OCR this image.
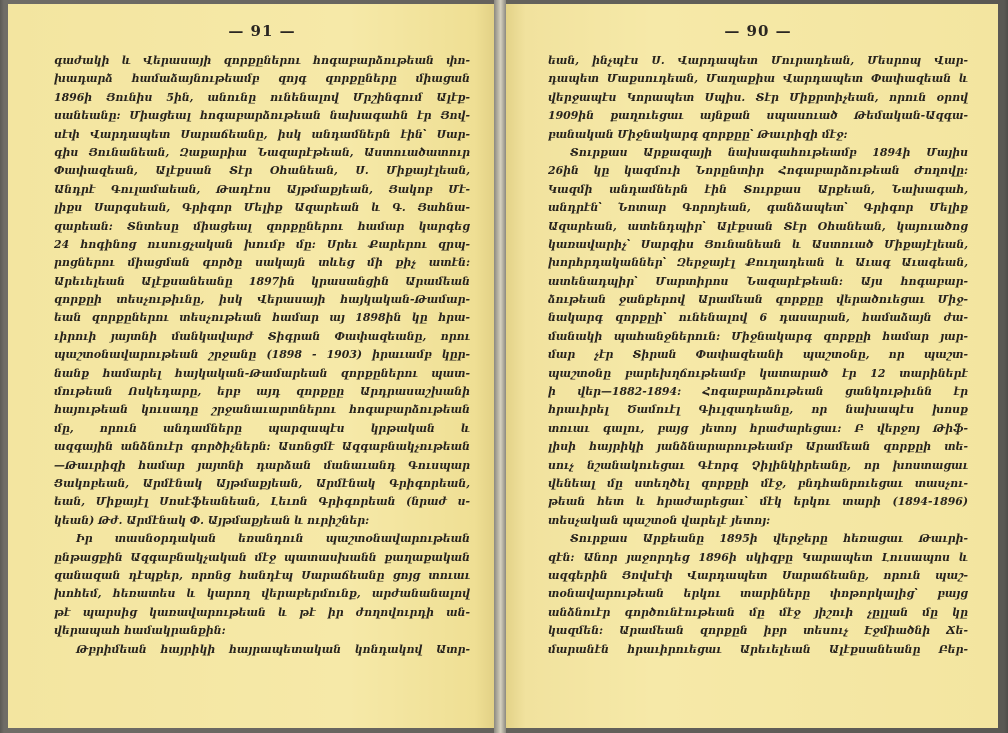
— 91 —
գաժակի և Վերասայի զորքըներու հոգաբարձութեան փո-
խադարձ համաձայնութեամբ զոյգ զորքըները միացան
1896ի Յունիս 5ին, անունը ունենալով Մրշինգում Ալէք-
սանեանը: Միացեալ հոգաբարձութեան նախագահն էր Յով-
սէփ Վարդապետ Սարաճեանը, իսկ անդամներն էին՝ Սար-
գիս Յունանեան, Զաքարիա Նազարէթեան, Աստուածատուր
Փափազեան, Ալէքսան Տէր Օհանեան, Ս. Միքայէլեան,
Անդրէ Գուլամաեան, Թադէոս Այթմաքյեան, Յակոբ Մէ-
լիքս Սարգսեան, Գրիգոր Մելիք Ազարեան և Գ. Յահնա-
զարեան: Տնտեսը միացեալ զորքըներու համար կարգեց
24 հոգինոց ուսուցչական խումբ մը: Սրեւ Քարերու զրպ-
րոցներու միացման գործը սակայն տևեց մի քիչ ատէն:
Արեւելեան Ալէքսանեանը 1897ին կրասանցին Արամեան
զորքըի տեսչութիւնը, իսկ Վերասայի հայկական-Թամար-
եան զորքըներու տեսչութեան համար այ 1898ին կը հրա-
ւիրուի յայտնի մանկավարժ Տիգրան Փափազեանը, որու
պաշտօնավարութեան շրջանը (1898 - 1903) իրաւամբ կըր-
նանք համարել հայկական-Թամարեան զորքըներու պատ-
մութեան Ոսկեդարը, երբ այդ զորքըը Արդրասաշխանի
հայութեան կուսադը շրջանաւարտներու հոգաբարձութեան
մը, որուն անդամները պարզապէս կրթական և
ազգային անձնուէր գործիչներն: Ասոնցմէ Ազգաբնակչութեան
—Թաւրիզի համար յայտնի դարձան մանաւանդ Գուսպար
Ցակոբեան, Արմէնակ Այթմաքյեան, Արմէնակ Գրիգորեան,
եան, Միքայէլ Սոսէֆեանեան, Լեւոն Գրիգորեան (նրաժ ս-
կեան) Թժ. Արմէնակ Փ. Այթմաքյեան և ուրիշներ:
Իր տասնօրդական եռանդուն պաշտօնավարութեան
ընթացքին Ազգաբնակչական մէջ պատասխանն քաղաքական
զանազան դէպքեր, որոնց հանդէպ Սարաճեանը ցոյց տուաւ
խոհեմ, հեռատես և կարող վերաբերմունք, արժանանալով
թէ պարսից կառավարութեան և թէ իր ժողովուրդի ան-
վերապահ համակրանքին:
Թբրիմեան հայրիկի հայրապետական կոնդակով Ատր-
— 90 —
եան, ինչպէս Ս. Վարդապետ Մուրադեան, Մեսրոպ Վար-
դապետ Մաքսուդեան, Մաղաքիա Վարդապետ Փափազեան և
վերջապէս Կորապետ Սպիս. Տէր Միքրտիչեան, որուն օրով
1909ին քաղուեցաւ այնքան սպասուած Թեմական-Ազգա-
բանական Միջնակարգ զորքըը՝ Թաւրիզի մէջ:
Տուրքաս Արքազայի նախագահութեամբ 1894ի Մայիս
26ին կը կազմուի Նորընտիր Հոգաբարձութեան Ժողովը:
Կազմի անդամներն էին Տուրքաս Արքեան, Նախագահ,
անդրէն՝ Նոտար Գորոյեան, գանձապետ՝ Գրիգոր Մելիք
Ազարեան, ատենդպիր՝ Ալէքսան Տէր Օհանեան, կայուածոց
կառավարիչ՝ Սարգիս Յունանեան և Աստուած Միքայէլեան,
խորհրդականներ՝ Զերջայէլ Քուղադեան և Աւագ Աւագեան,
ատենադպիր՝ Մարտիրոս Նազարէթեան: Այս հոգաբար-
ձութեան ջանքերով Արամեան զորքըը վերածուեցաւ Միջ-
նակարգ զորքըի՝ ունենալով 6 դասարան, համաձայն ժա-
մանակի պահանջներուն: Միջնակարգ զորքըի համար յար-
մար չէր Տիրան Փափազեանի պաշտօնը, որ պաշտ-
պաշտօնը բարեխղճութեամբ կատարած էր 12 տարիներէ
ի վեր—1882-1894: Հոգաբարձութեան ցանկութիւնն էր
հրաւիրել Ծամուէլ Գիւլզադեանը, որ նախապէս խոսք
տուաւ գալու, բայց յետոյ հրաժարեցաւ: Բ վերջոյ Թիֆ-
լիսի հայրիկի յանձնարարութեամբ Արամեան զորքըի տե-
սուչ նշանակուեցաւ Գէորգ Չիլինկիրեանը, որ խոստացաւ
վենեալ մը ստեղծել զորքըի մէջ, բնդհանրուեցաւ տասչու-
թեան հետ և հրաժարեցաւ՝ մէկ երկու տարի (1894-1896)
տեսչական պաշտօն վարելէ յետոյ:
Տուրքաս Արքեանը 1895ի վերջերը հեռացաւ Թաւրի-
զէն: Անոր յաջորդեց 1896ի սկիզբը Կարապետ Լուսապոս և
ազգերին Յովսէփ Վարդապետ Սարաճեանը, որուն պաշ-
տօնավարութեան երկու տարիները փոթորկալից՝ բայց
անձնուէր գործունէութեան մը մէջ յիշուի չըլլան մը կը
կազմեն: Արամեան զորքըն իբր տեսուչ Էջմիածնի Ճե-
մարանէն հրաւիրուեցաւ Արեւելեան Ալէքսանեանը Բեր-
